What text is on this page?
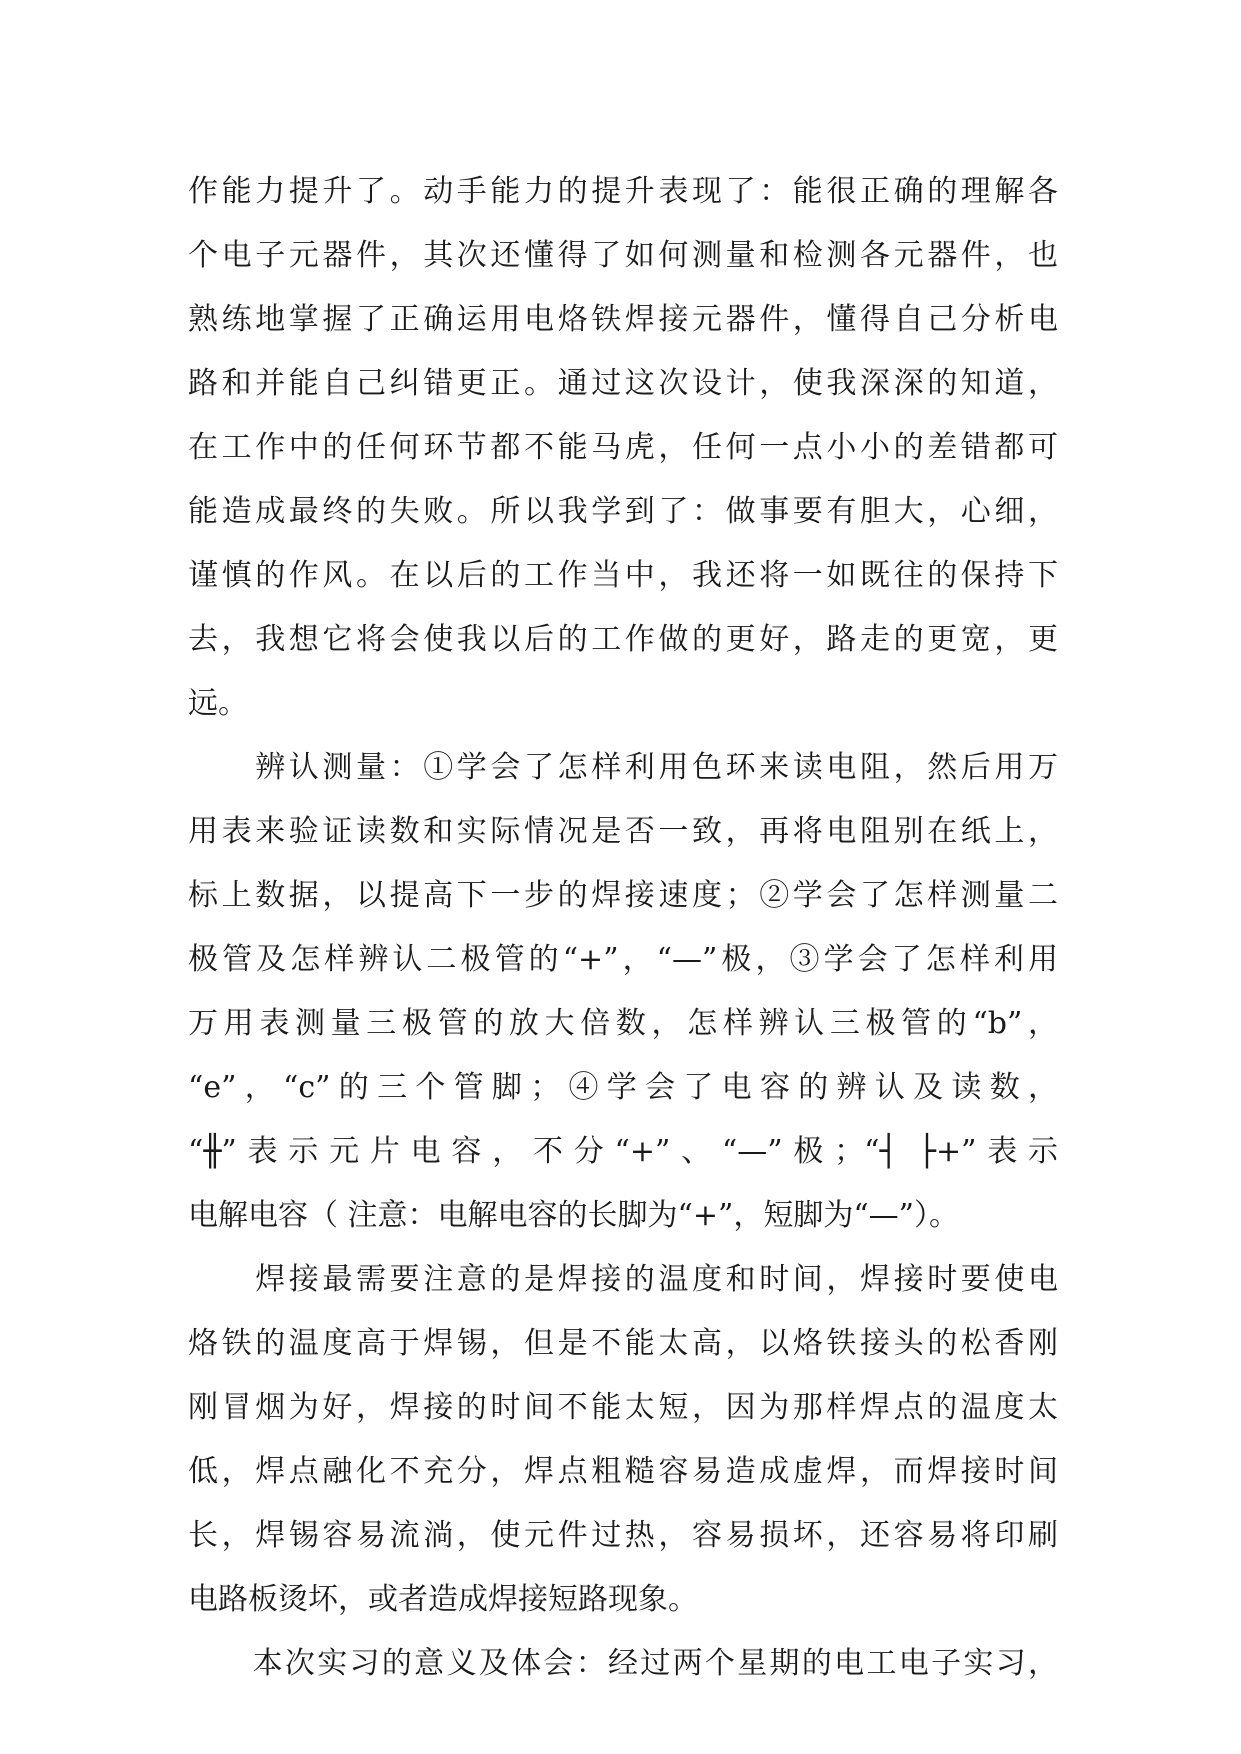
作能力提升了。动手能力的提升表现了：能很正确的理解各
个电子元器件，其次还懂得了如何测量和检测各元器件，也
熟练地掌握了正确运用电烙铁焊接元器件，懂得自己分析电
路和并能自己纠错更正。通过这次设计，使我深深的知道，
在工作中的任何环节都不能马虎，任何一点小小的差错都可
能造成最终的失败。所以我学到了：做事要有胆大，心细，
谨慎的作风。在以后的工作当中，我还将一如既往的保持下
去，我想它将会使我以后的工作做的更好，路走的更宽，更
远。
　　辨认测量：①学会了怎样利用色环来读电阻，然后用万
用表来验证读数和实际情况是否一致，再将电阻别在纸上，
标上数据，以提高下一步的焊接速度；②学会了怎样测量二
极管及怎样辨认二极管的“+”，“—”极，③学会了怎样利用
万用表测量三极管的放大倍数，怎样辨认三极管的“b”，
“e”，“c”的三个管脚；④学会了电容的辨认及读数，
“╫”表示元片电容，不分“+”、“—”极；“┤ ├+”表示
电解电容（ 注意：电解电容的长脚为“+”，短脚为“—”）。
　　焊接最需要注意的是焊接的温度和时间，焊接时要使电
烙铁的温度高于焊锡，但是不能太高，以烙铁接头的松香刚
刚冒烟为好，焊接的时间不能太短，因为那样焊点的温度太
低，焊点融化不充分，焊点粗糙容易造成虚焊，而焊接时间
长，焊锡容易流淌，使元件过热，容易损坏，还容易将印刷
电路板烫坏，或者造成焊接短路现象。
　　本次实习的意义及体会：经过两个星期的电工电子实习，
